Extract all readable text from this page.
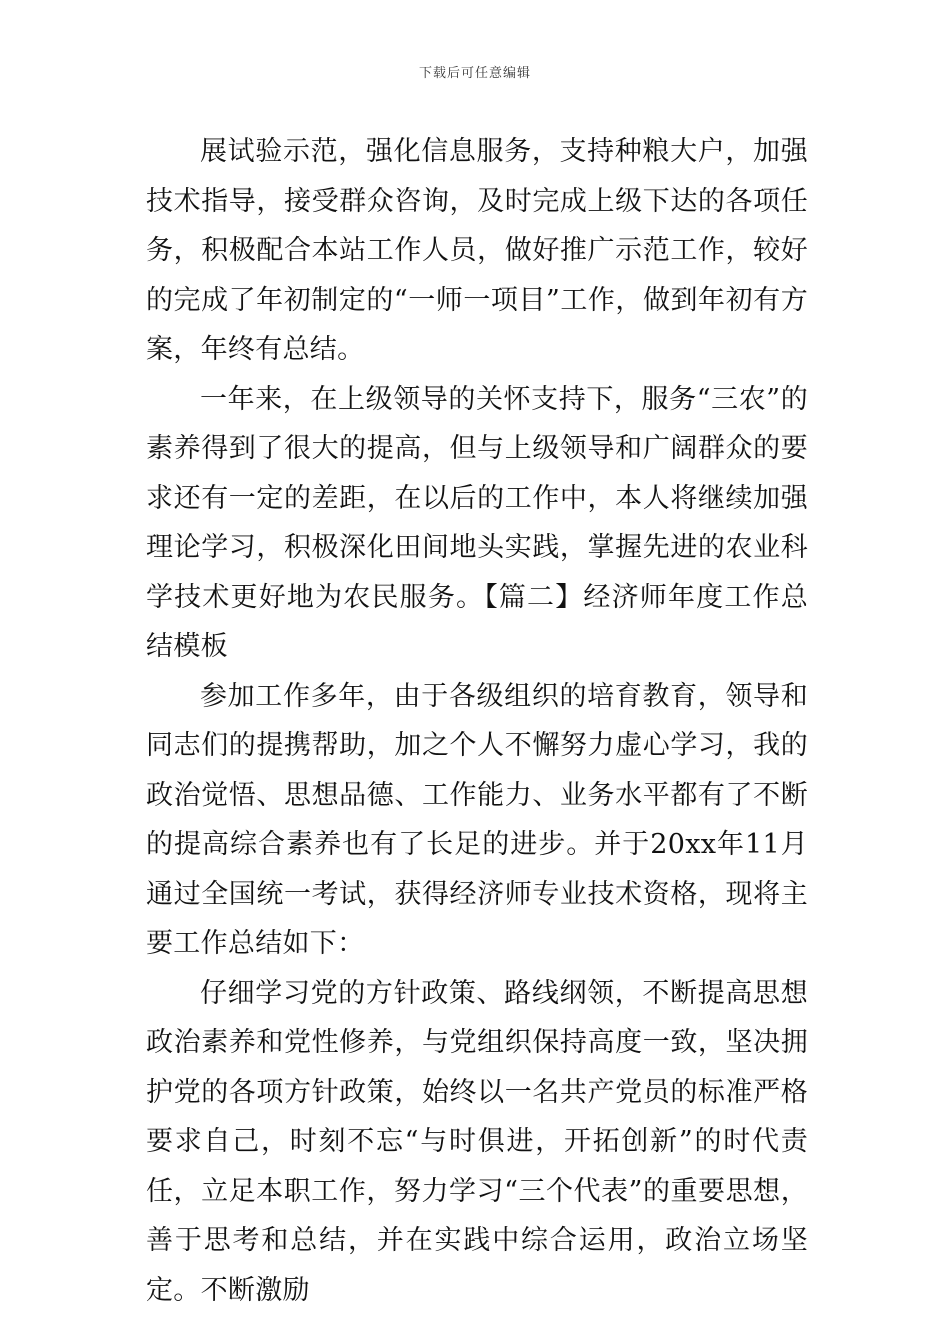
下载后可任意编辑

展试验示范，强化信息服务，支持种粮大户，加强技术指导，接受群众咨询，及时完成上级下达的各项任务，积极配合本站工作人员，做好推广示范工作，较好的完成了年初制定的“一师一项目”工作，做到年初有方案，年终有总结。

一年来，在上级领导的关怀支持下，服务“三农”的素养得到了很大的提高，但与上级领导和广阔群众的要求还有一定的差距，在以后的工作中，本人将继续加强理论学习，积极深化田间地头实践，掌握先进的农业科学技术更好地为农民服务。【篇二】经济师年度工作总结模板

参加工作多年，由于各级组织的培育教育，领导和同志们的提携帮助，加之个人不懈努力虚心学习，我的政治觉悟、思想品德、工作能力、业务水平都有了不断的提高综合素养也有了长足的进步。并于20xx年11月通过全国统一考试，获得经济师专业技术资格，现将主要工作总结如下：

仔细学习党的方针政策、路线纲领，不断提高思想政治素养和党性修养，与党组织保持高度一致，坚决拥护党的各项方针政策，始终以一名共产党员的标准严格要求自己，时刻不忘“与时俱进，开拓创新”的时代责任，立足本职工作，努力学习“三个代表”的重要思想，善于思考和总结，并在实践中综合运用，政治立场坚定。不断激励
